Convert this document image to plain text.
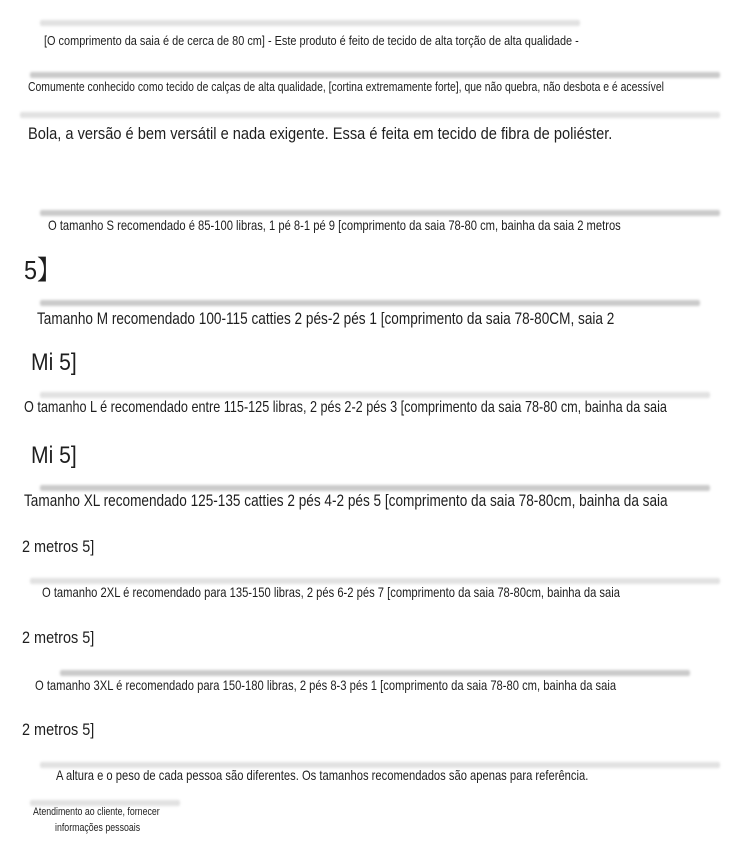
[O comprimento da saia é de cerca de 80 cm] - Este produto é feito de tecido de alta torção de alta qualidade -
Comumente conhecido como tecido de calças de alta qualidade, [cortina extremamente forte], que não quebra, não desbota e é acessível
Bola, a versão é bem versátil e nada exigente. Essa é feita em tecido de fibra de poliéster.
O tamanho S recomendado é 85-100 libras, 1 pé 8-1 pé 9 [comprimento da saia 78-80 cm, bainha da saia 2 metros
5】
Tamanho M recomendado 100-115 catties 2 pés-2 pés 1 [comprimento da saia 78-80CM, saia 2
Mi 5]
O tamanho L é recomendado entre 115-125 libras, 2 pés 2-2 pés 3 [comprimento da saia 78-80 cm, bainha da saia
Mi 5]
Tamanho XL recomendado 125-135 catties 2 pés 4-2 pés 5 [comprimento da saia 78-80cm, bainha da saia
2 metros 5]
O tamanho 2XL é recomendado para 135-150 libras, 2 pés 6-2 pés 7 [comprimento da saia 78-80cm, bainha da saia
2 metros 5]
O tamanho 3XL é recomendado para 150-180 libras, 2 pés 8-3 pés 1 [comprimento da saia 78-80 cm, bainha da saia
2 metros 5]
A altura e o peso de cada pessoa são diferentes. Os tamanhos recomendados são apenas para referência.
Atendimento ao cliente, fornecer
informações pessoais
